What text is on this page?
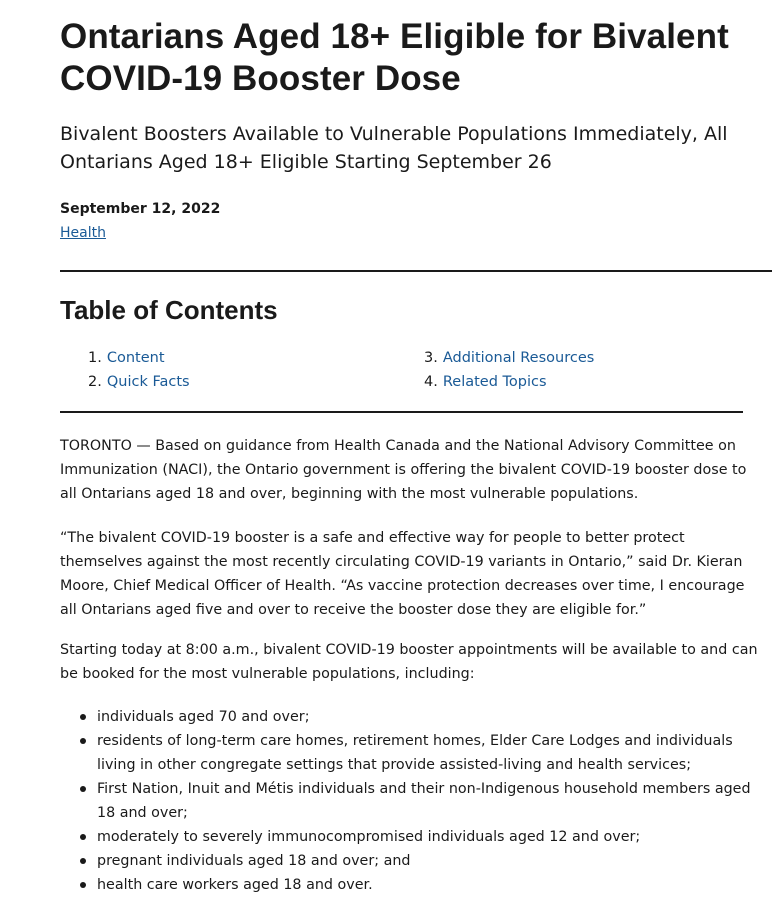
Ontarians Aged 18+ Eligible for Bivalent COVID-19 Booster Dose

Bivalent Boosters Available to Vulnerable Populations Immediately, All Ontarians Aged 18+ Eligible Starting September 26

September 12, 2022
Health
Table of Contents
1. Content
2. Quick Facts
3. Additional Resources
4. Related Topics

TORONTO — Based on guidance from Health Canada and the National Advisory Committee on Immunization (NACI), the Ontario government is offering the bivalent COVID-19 booster dose to all Ontarians aged 18 and over, beginning with the most vulnerable populations.

“The bivalent COVID-19 booster is a safe and effective way for people to better protect themselves against the most recently circulating COVID-19 variants in Ontario,” said Dr. Kieran Moore, Chief Medical Officer of Health. “As vaccine protection decreases over time, I encourage all Ontarians aged five and over to receive the booster dose they are eligible for.”

Starting today at 8:00 a.m., bivalent COVID-19 booster appointments will be available to and can be booked for the most vulnerable populations, including:

individuals aged 70 and over;
residents of long-term care homes, retirement homes, Elder Care Lodges and individuals living in other congregate settings that provide assisted-living and health services;
First Nation, Inuit and Métis individuals and their non-Indigenous household members aged 18 and over;
moderately to severely immunocompromised individuals aged 12 and over;
pregnant individuals aged 18 and over; and
health care workers aged 18 and over.
